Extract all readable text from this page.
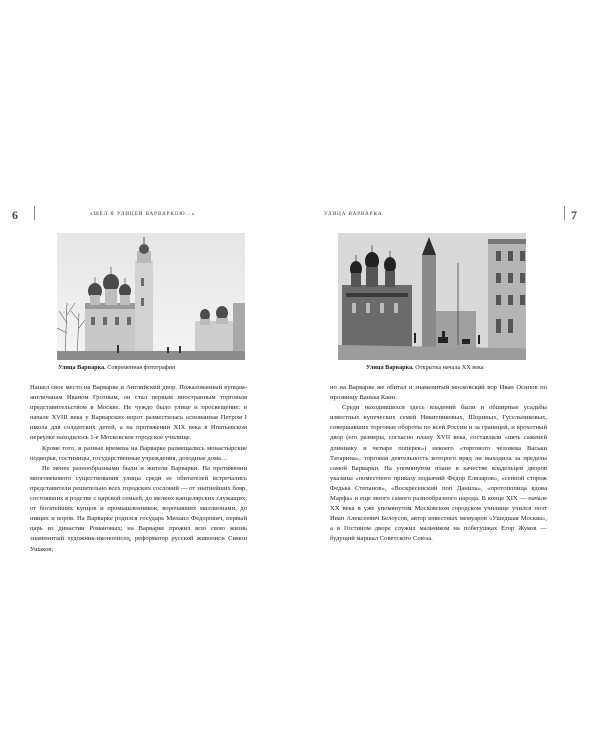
6	«ШЁЛ Я УЛИЦЕЙ ВАРВАРКОЮ…»
Улица Варварка. Современная фотография

Нашел свое место на Варварке и Английский двор. Пожалованный купцам-англичанам Иваном Грозным, он стал первым иностранным торговым представительством в Москве. Не чуждо было улице и просвещение: в начале XVIII века у Варварских ворот разместилась основанная Петром I школа для солдатских детей, а на протяжении XIX века в Ипатьевском переулке находилось 1-е Московское городское училище.

Кроме того, в разные времена на Варварке размещались монастырские подворья, гостиницы, государственные учреждения, доходные дома…

Не менее разнообразными были и жители Варварки. На протяжении многовекового существования улицы среди ее обитателей встречались представители решительно всех городских сословий — от знатнейших бояр, состоявших в родстве с царской семьей, до мелких канцелярских служащих; от богатейших купцов и промышленников, ворочавших миллионами, до нищих и воров. На Варварке родился государь Михаил Федорович, первый царь из династии Романовых; на Варварке прожил всю свою жизнь знаменитый художник-иконописец, реформатор русской живописи Симон Ушаков;

УЛИЦА ВАРВАРКА	7
Улица Варварка. Открытка начала XX века

но на Варварке же обитал и знаменитый московский вор Иван Осипов по прозвищу Ванька Каин.

Среди находившихся здесь владений были и обширные усадьбы известных купеческих семей Никитниковых, Шориных, Гусельниковых, совершавших торговые обороты по всей России и за границей, и крохотный двор (его размеры, согласно плану XVII века, составляли «пять саженей длиннику и четыре поперек») некоего «торгового человека Васьки Татарина», торговая деятельность которого вряд ли выходила за пределы самой Варварки. На упомянутом плане в качестве владельцев дворов указаны «поместного приказу подьячий Федор Елизаров», «сенной сторож Федька Степанов», «Воскресенский поп Данила», «протопопица вдова Марфа» и еще много самого разнообразного народа. В конце XIX — начале XX века в уже упомянутом Московском городском училище учился поэт Иван Алексеевич Белоусов, автор известных мемуаров «Ушедшая Москва», а в Гостином дворе служил мальчиком на побегушках Егор Жуков — будущий маршал Советского Союза.
